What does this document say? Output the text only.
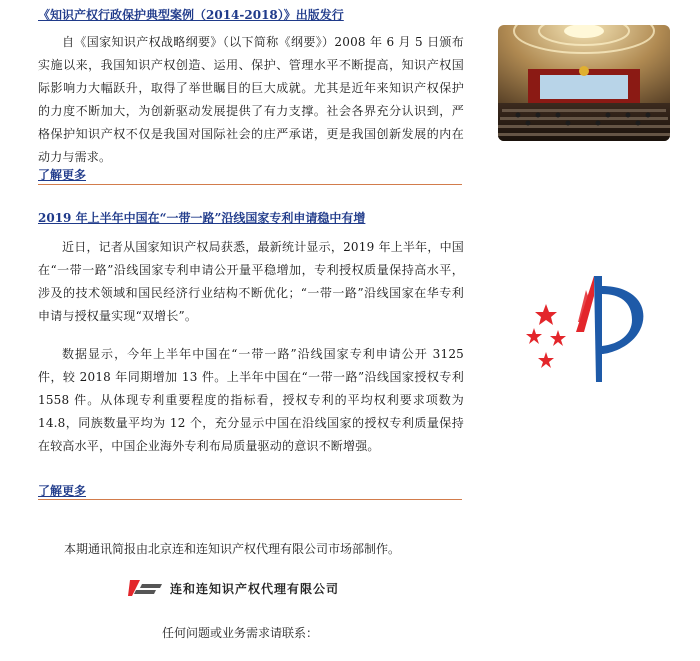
《知识产权行政保护典型案例（2014-2018）》出版发行

自《国家知识产权战略纲要》（以下简称《纲要》）2008 年 6 月 5 日颁布实施以来，我国知识产权创造、运用、保护、管理水平不断提高，知识产权国际影响力大幅跃升，取得了举世瞩目的巨大成就。尤其是近年来知识产权保护的力度不断加大，为创新驱动发展提供了有力支撑。社会各界充分认识到，严格保护知识产权不仅是我国对国际社会的庄严承诺，更是我国创新发展的内在动力与需求。

了解更多
2019 年上半年中国在“一带一路”沿线国家专利申请稳中有增

近日，记者从国家知识产权局获悉，最新统计显示，2019 年上半年，中国在“一带一路”沿线国家专利申请公开量平稳增加，专利授权质量保持高水平，涉及的技术领域和国民经济行业结构不断优化；“一带一路”沿线国家在华专利申请与授权量实现“双增长”。

数据显示，今年上半年中国在“一带一路”沿线国家专利申请公开 3125 件，较 2018 年同期增加 13 件。上半年中国在“一带一路”沿线国家授权专利 1558 件。从体现专利重要程度的指标看，授权专利的平均权利要求项数为 14.8，同族数量平均为 12 个，充分显示中国在沿线国家的授权专利质量保持在较高水平，中国企业海外专利布局质量驱动的意识不断增强。

了解更多
本期通讯简报由北京连和连知识产权代理有限公司市场部制作。
连和连知识产权代理有限公司
任何问题或业务需求请联系：
